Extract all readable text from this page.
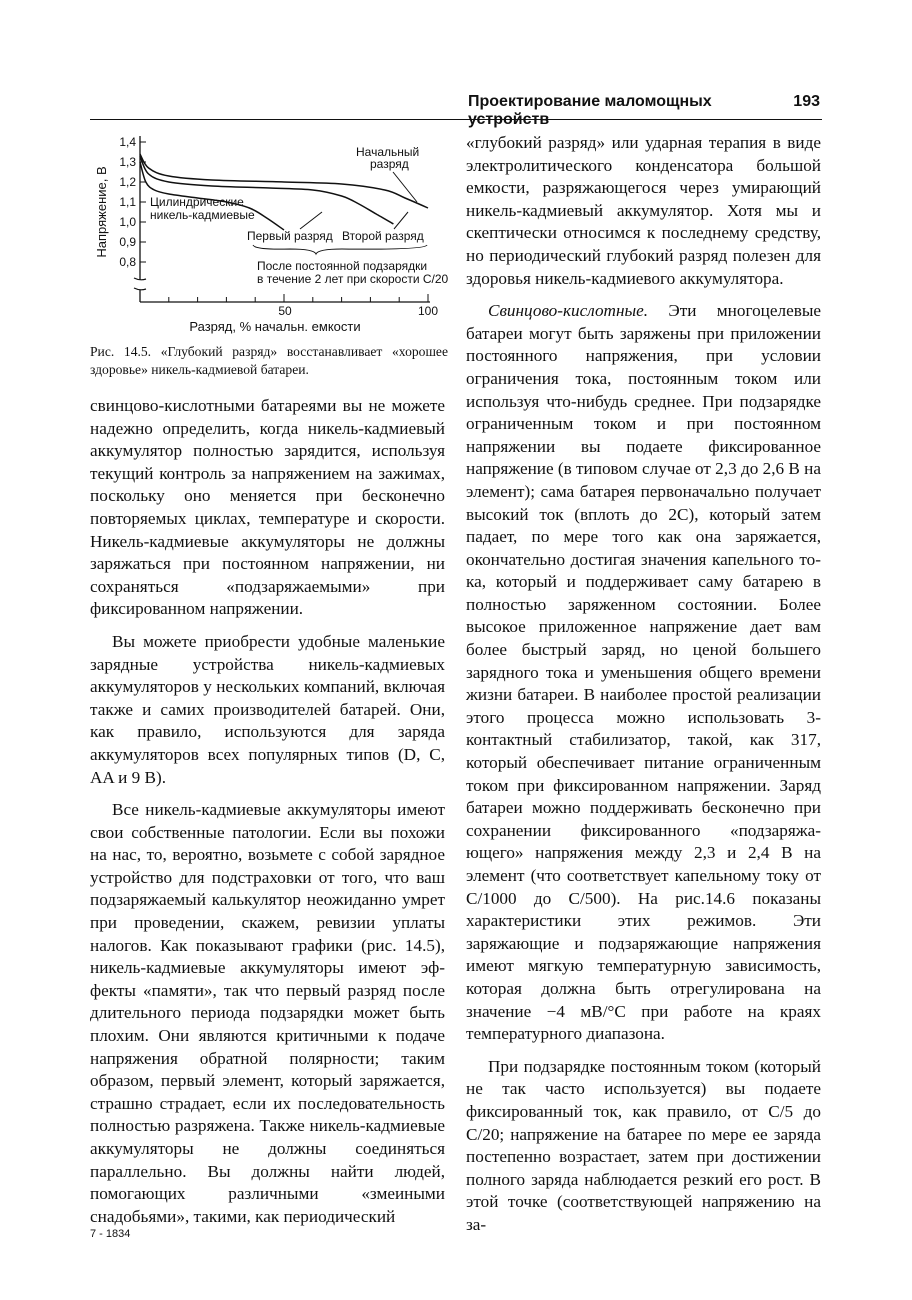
Проектирование маломощных устройств
193
Напряжение, В
1,4
1,3
1,2
1,1
1,0
0,9
0,8
50	100
Разряд, % начальн. емкости
Начальный
разряд
Цилиндрические
никель-кадмиевые
Первый разряд Второй разряд
После постоянной подзарядки
в течение 2 лет при скорости С/20
Рис. 14.5. «Глубокий разряд» восстанавливает «хорошее здоровье» никель-кадмиевой батареи.

свинцово-кислотными батареями вы не можете надежно определить, когда никель-кадмиевый аккумулятор полностью зарядится, используя текущий контроль за напряжением на зажимах, поскольку оно меняется при бесконечно повторяемых циклах, температуре и скорости. Никель-кадмиевые аккумуляторы не должны заряжаться при постоянном напряжении, ни сохраняться «подзаряжаемыми» при фиксированном напряжении.

Вы можете приобрести удобные маленькие зарядные устройства никель-кадмиевых аккумуляторов у нескольких компаний, включая также и самих производителей батарей. Они, как правило, используются для заряда аккумуляторов всех популярных типов (D, C, AA и 9 В).

Все никель-кадмиевые аккумуляторы имеют свои собственные патологии. Если вы похожи на нас, то, вероятно, возьмете с собой зарядное устройство для подстраховки от того, что ваш подзаряжаемый калькулятор неожиданно умрет при проведении, скажем, ревизии уплаты налогов. Как показывают графики (рис. 14.5), никель-кадмиевые аккумуляторы имеют эффекты «памяти», так что первый разряд после длительного периода подзарядки может быть плохим. Они являются критичными к подаче напряжения обратной полярности; таким образом, первый элемент, который заряжается, страшно страдает, если их последовательность полностью разряжена. Также никель-кадмиевые аккумуляторы не должны соединяться параллельно. Вы должны найти людей, помогающих различными «змеиными снадобьями», такими, как периодический

«глубокий разряд» или ударная терапия в виде электролитического конденсатора большой емкости, разряжающегося через умирающий никель-кадмиевый аккумулятор. Хотя мы и скептически относимся к последнему средству, но периодический глубокий разряд полезен для здоровья никель-кадмиевого аккумулятора.

Свинцово-кислотные. Эти многоцелевые батареи могут быть заряжены при приложении постоянного напряжения, при условии ограничения тока, постоянным током или используя что-нибудь среднее. При подзарядке ограниченным током и при постоянном напряжении вы подаете фиксированное напряжение (в типовом случае от 2,3 до 2,6 В на элемент); сама батарея первоначально получает высокий ток (вплоть до 2С), который затем падает, по мере того как она заряжается, окончательно достигая значения капельного тока, который и поддерживает саму батарею в полностью заряженном состоянии. Более высокое приложенное напряжение дает вам более быстрый заряд, но ценой большего зарядного тока и уменьшения общего времени жизни батареи. В наиболее простой реализации этого процесса можно использовать 3-контактный стабилизатор, такой, как 317, который обеспечивает питание ограниченным током при фиксированном напряжении. Заряд батареи можно поддерживать бесконечно при сохранении фиксированного «подзаряжающего» напряжения между 2,3 и 2,4 В на элемент (что соответствует капельному току от С/1000 до С/500). На рис.14.6 показаны характеристики этих режимов. Эти заряжающие и подзаряжающие напряжения имеют мягкую температурную зависимость, которая должна быть отрегулирована на значение −4 мВ/°С при работе на краях температурного диапазона.

При подзарядке постоянным током (который не так часто используется) вы подаете фиксированный ток, как правило, от С/5 до С/20; напряжение на батарее по мере ее заряда постепенно возрастает, затем при достижении полного заряда наблюдается резкий его рост. В этой точке (соответствующей напряжению на за-

7 - 1834
